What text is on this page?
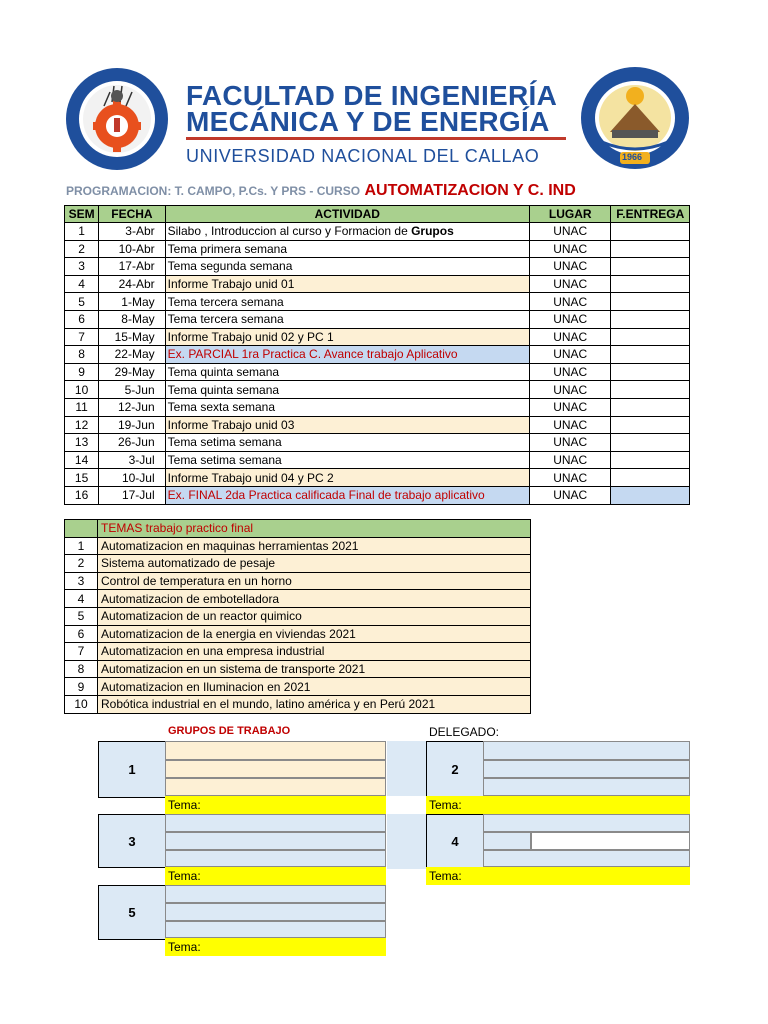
FACULTAD DE INGENIERÍA
MECÁNICA Y DE ENERGÍA
UNIVERSIDAD NACIONAL DEL CALLAO	1966
PROGRAMACION: T. CAMPO, P.Cs. Y PRS - CURSO AUTOMATIZACION Y C. IND
SEM	FECHA	ACTIVIDAD	LUGAR	F.ENTREGA
1	3-Abr	Silabo , Introduccion al curso y Formacion de Grupos	UNAC	
2	10-Abr	Tema primera semana	UNAC	
3	17-Abr	Tema segunda semana	UNAC	
4	24-Abr	Informe Trabajo unid 01	UNAC	
5	1-May	Tema tercera semana	UNAC	
6	8-May	Tema tercera semana	UNAC	
7	15-May	Informe Trabajo unid 02 y PC 1	UNAC	
8	22-May	Ex. PARCIAL 1ra Practica C. Avance trabajo Aplicativo	UNAC	
9	29-May	Tema quinta semana	UNAC	
10	5-Jun	Tema quinta semana	UNAC	
11	12-Jun	Tema sexta semana	UNAC	
12	19-Jun	Informe Trabajo unid 03	UNAC	
13	26-Jun	Tema setima semana	UNAC	
14	3-Jul	Tema setima semana	UNAC	
15	10-Jul	Informe Trabajo unid 04 y PC 2	UNAC	
16	17-Jul	Ex. FINAL 2da Practica calificada Final de trabajo aplicativo	UNAC	
	TEMAS trabajo practico final
1	Automatizacion en maquinas herramientas 2021
2	Sistema automatizado de pesaje
3	Control de temperatura en un horno
4	Automatizacion de embotelladora
5	Automatizacion de un reactor quimico
6	Automatizacion de la energia en viviendas 2021
7	Automatizacion en una empresa industrial
8	Automatizacion en un sistema de transporte 2021
9	Automatizacion en Iluminacion en 2021
10	Robótica industrial en el mundo, latino américa y en Perú 2021
GRUPOS DE TRABAJO	DELEGADO:
1
Tema:
2
Tema:
3
Tema:
4
Tema:
5
Tema:
